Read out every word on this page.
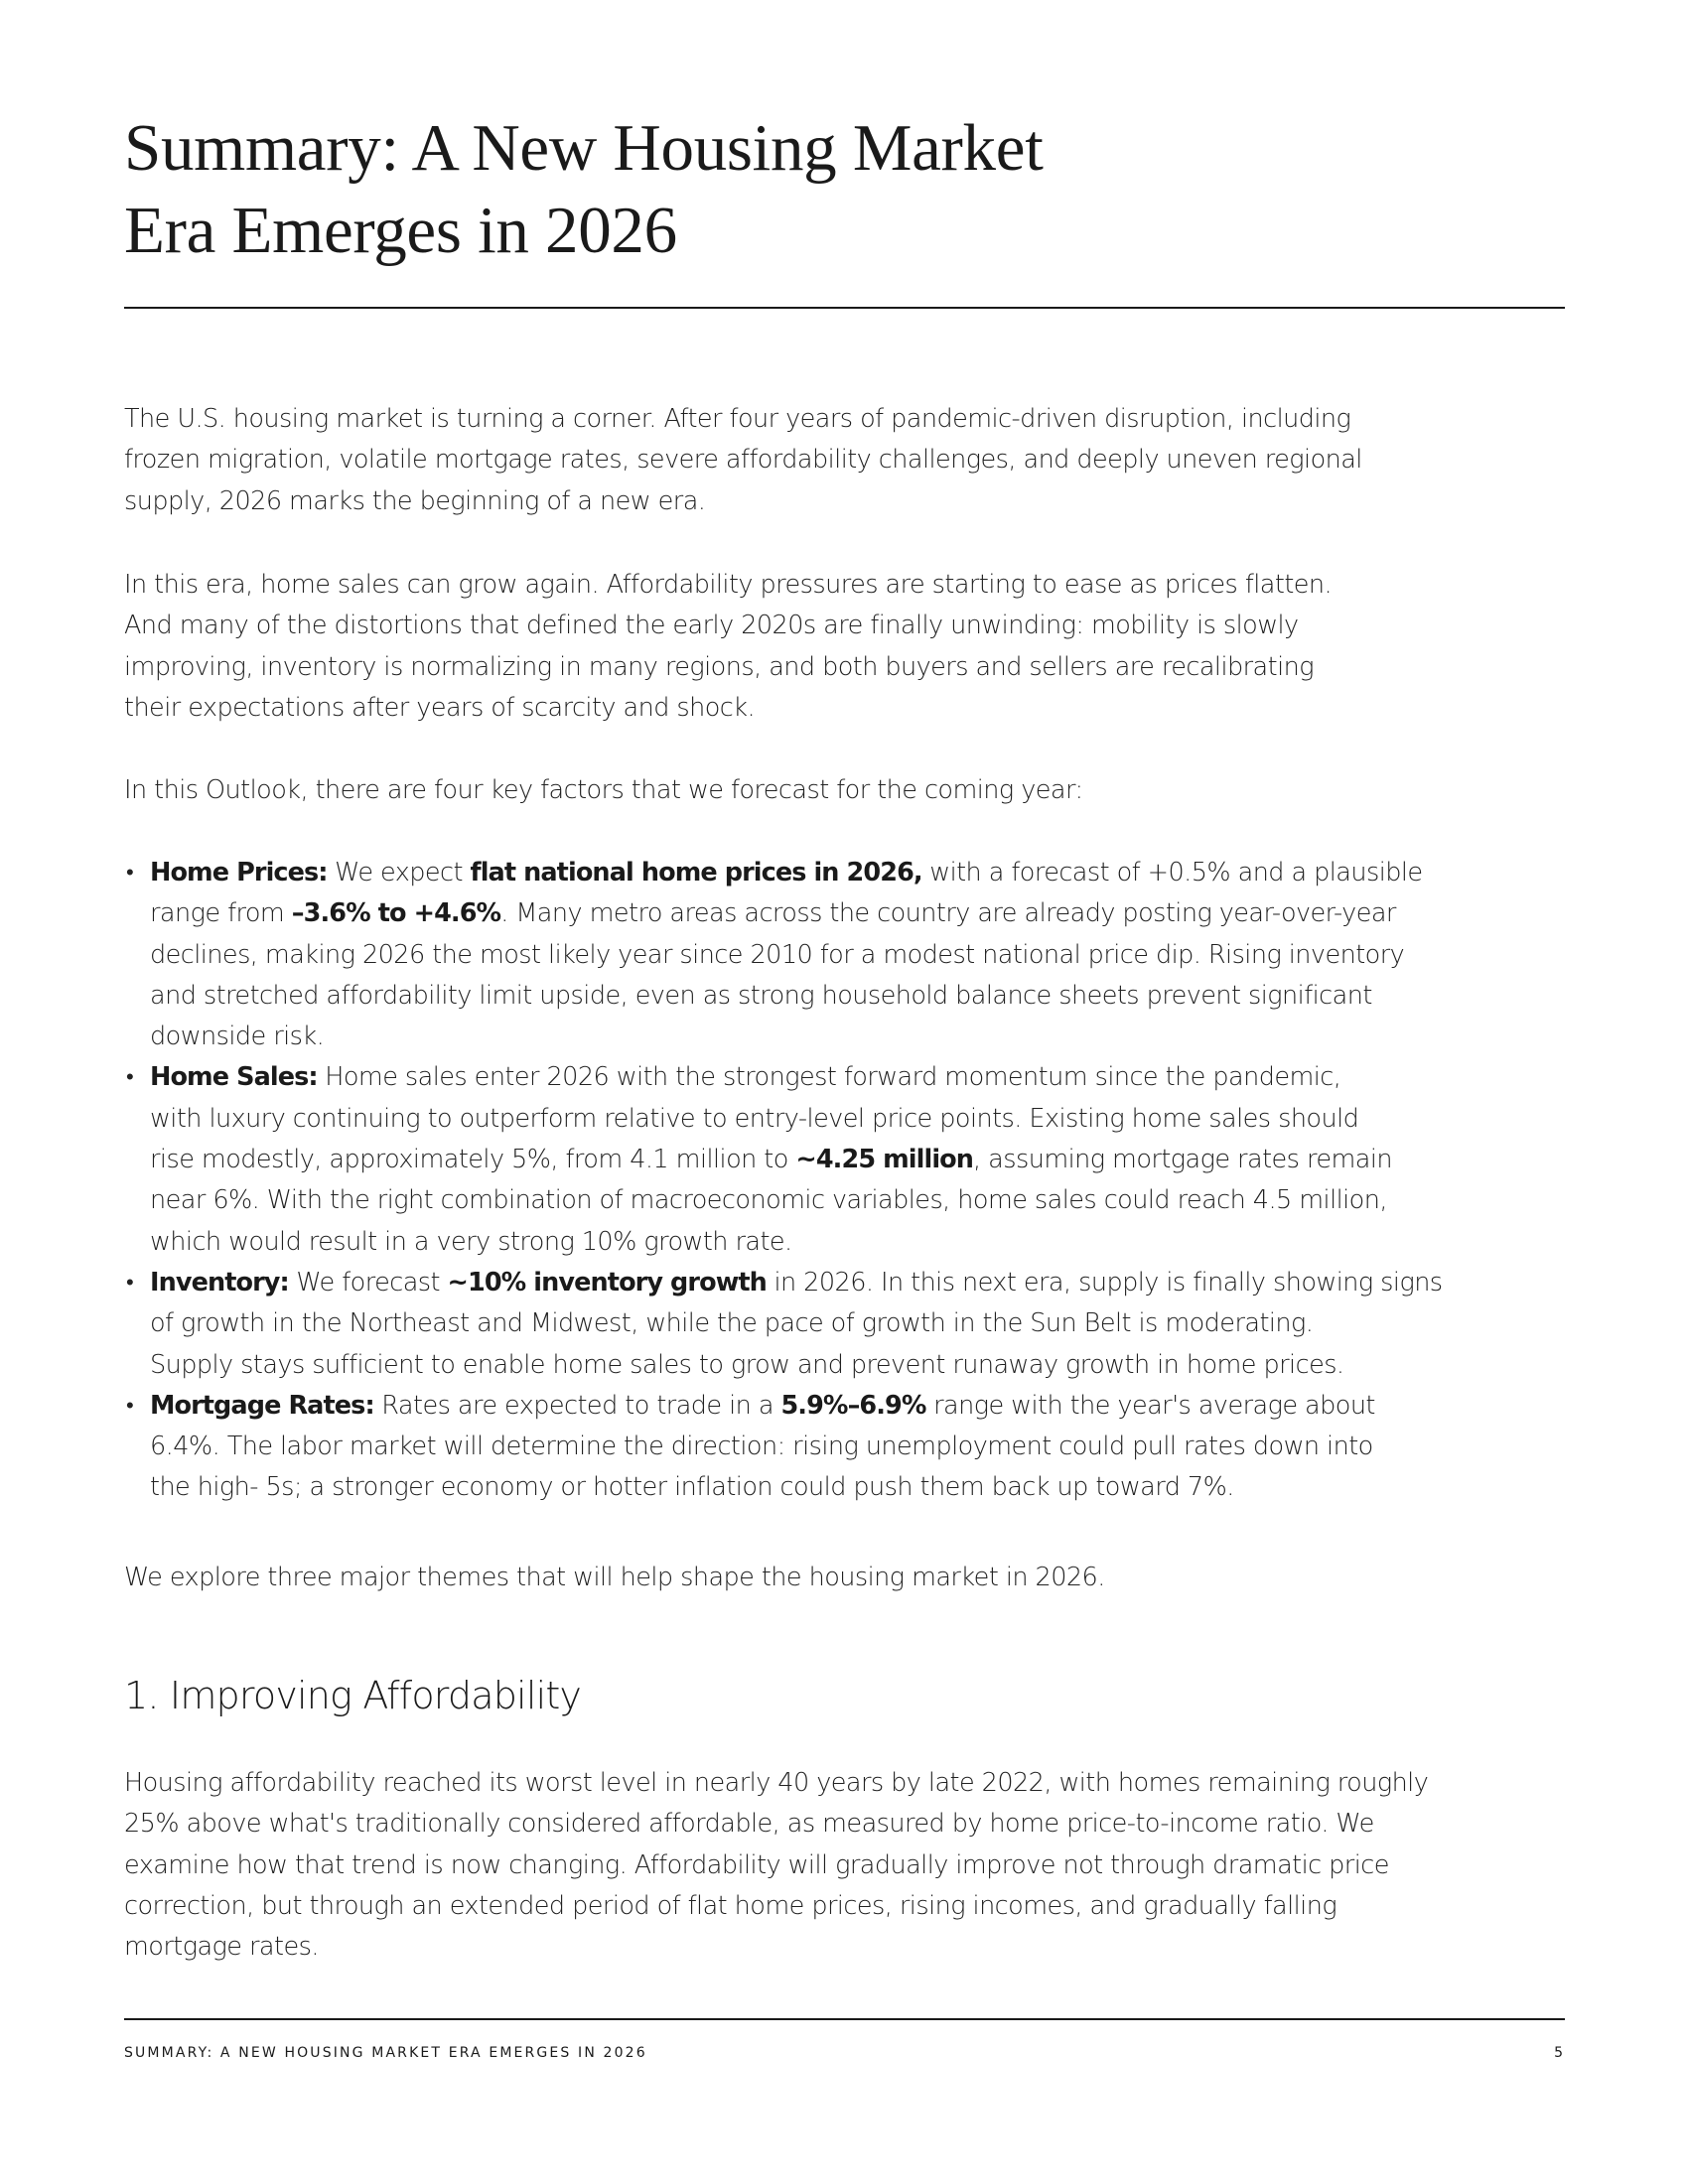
Summary: A New Housing Market
Era Emerges in 2026

The U.S. housing market is turning a corner. After four years of pandemic-driven disruption, including
frozen migration, volatile mortgage rates, severe affordability challenges, and deeply uneven regional
supply, 2026 marks the beginning of a new era.

In this era, home sales can grow again. Affordability pressures are starting to ease as prices flatten.
And many of the distortions that defined the early 2020s are finally unwinding: mobility is slowly
improving, inventory is normalizing in many regions, and both buyers and sellers are recalibrating
their expectations after years of scarcity and shock.

In this Outlook, there are four key factors that we forecast for the coming year:

• Home Prices: We expect flat national home prices in 2026, with a forecast of +0.5% and a plausible
range from –3.6% to +4.6%. Many metro areas across the country are already posting year-over-year
declines, making 2026 the most likely year since 2010 for a modest national price dip. Rising inventory
and stretched affordability limit upside, even as strong household balance sheets prevent significant
downside risk.
• Home Sales: Home sales enter 2026 with the strongest forward momentum since the pandemic,
with luxury continuing to outperform relative to entry-level price points. Existing home sales should
rise modestly, approximately 5%, from 4.1 million to ~4.25 million, assuming mortgage rates remain
near 6%. With the right combination of macroeconomic variables, home sales could reach 4.5 million,
which would result in a very strong 10% growth rate.
• Inventory: We forecast ~10% inventory growth in 2026. In this next era, supply is finally showing signs
of growth in the Northeast and Midwest, while the pace of growth in the Sun Belt is moderating.
Supply stays sufficient to enable home sales to grow and prevent runaway growth in home prices.
• Mortgage Rates: Rates are expected to trade in a 5.9%–6.9% range with the year's average about
6.4%. The labor market will determine the direction: rising unemployment could pull rates down into
the high- 5s; a stronger economy or hotter inflation could push them back up toward 7%.

We explore three major themes that will help shape the housing market in 2026.

1. Improving Affordability

Housing affordability reached its worst level in nearly 40 years by late 2022, with homes remaining roughly
25% above what's traditionally considered affordable, as measured by home price-to-income ratio. We
examine how that trend is now changing. Affordability will gradually improve not through dramatic price
correction, but through an extended period of flat home prices, rising incomes, and gradually falling
mortgage rates.

SUMMARY: A NEW HOUSING MARKET ERA EMERGES IN 2026	5
